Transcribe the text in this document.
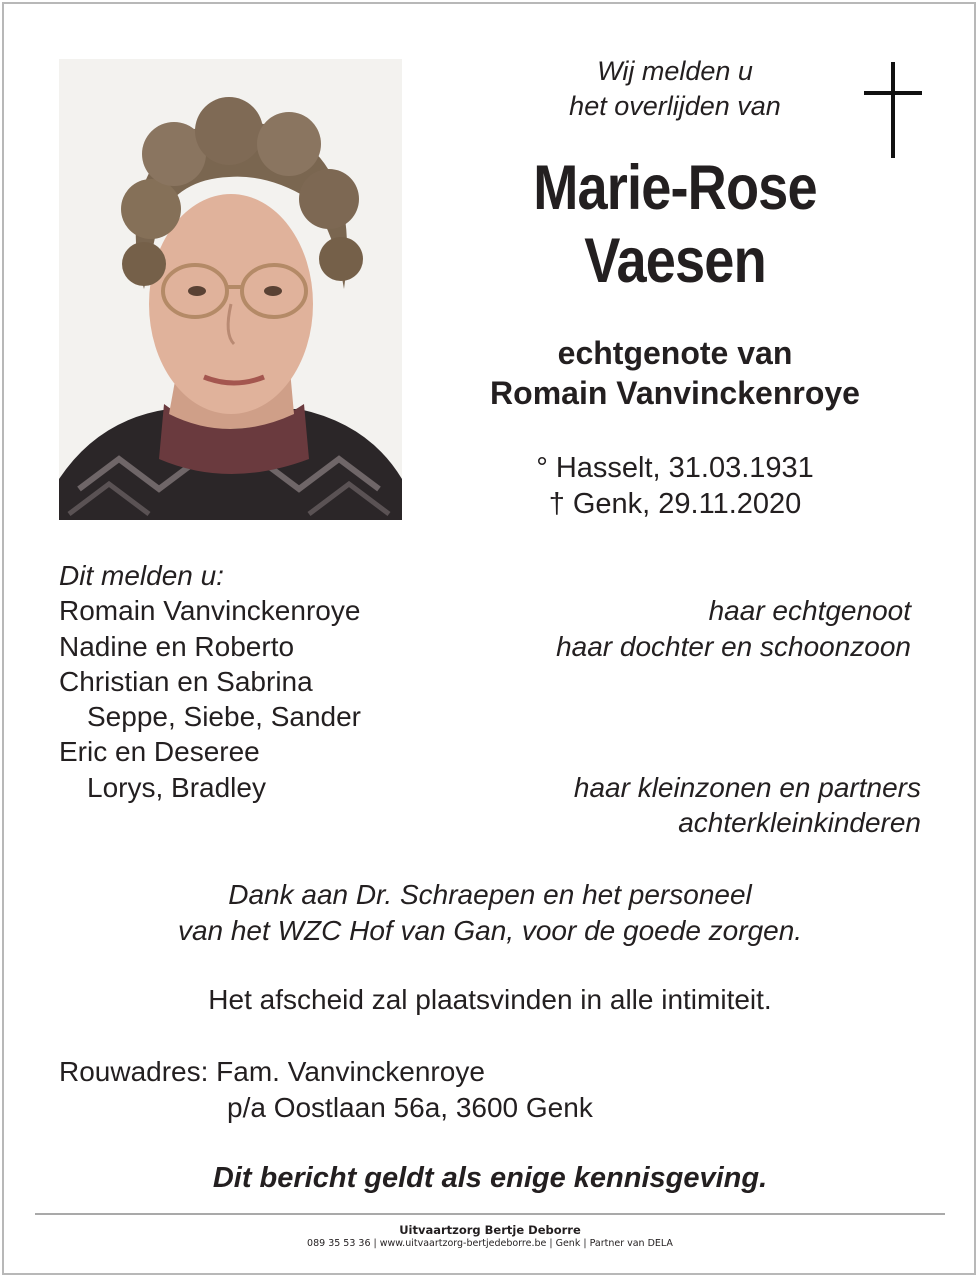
Wij melden u
het overlijden van
Marie-Rose
Vaesen
echtgenote van
Romain Vanvinckenroye
° Hasselt, 31.03.1931
† Genk, 29.11.2020
Dit melden u:
Romain Vanvinckenroye	haar echtgenoot
Nadine en Roberto	haar dochter en schoonzoon
Christian en Sabrina
Seppe, Siebe, Sander
Eric en Deseree
Lorys, Bradley	haar kleinzonen en partners
achterkleinkinderen
Dank aan Dr. Schraepen en het personeel
van het WZC Hof van Gan, voor de goede zorgen.
Het afscheid zal plaatsvinden in alle intimiteit.
Rouwadres: Fam. Vanvinckenroye
p/a Oostlaan 56a, 3600 Genk
Dit bericht geldt als enige kennisgeving.
Uitvaartzorg Bertje Deborre
089 35 53 36 | www.uitvaartzorg-bertjedeborre.be | Genk | Partner van DELA
